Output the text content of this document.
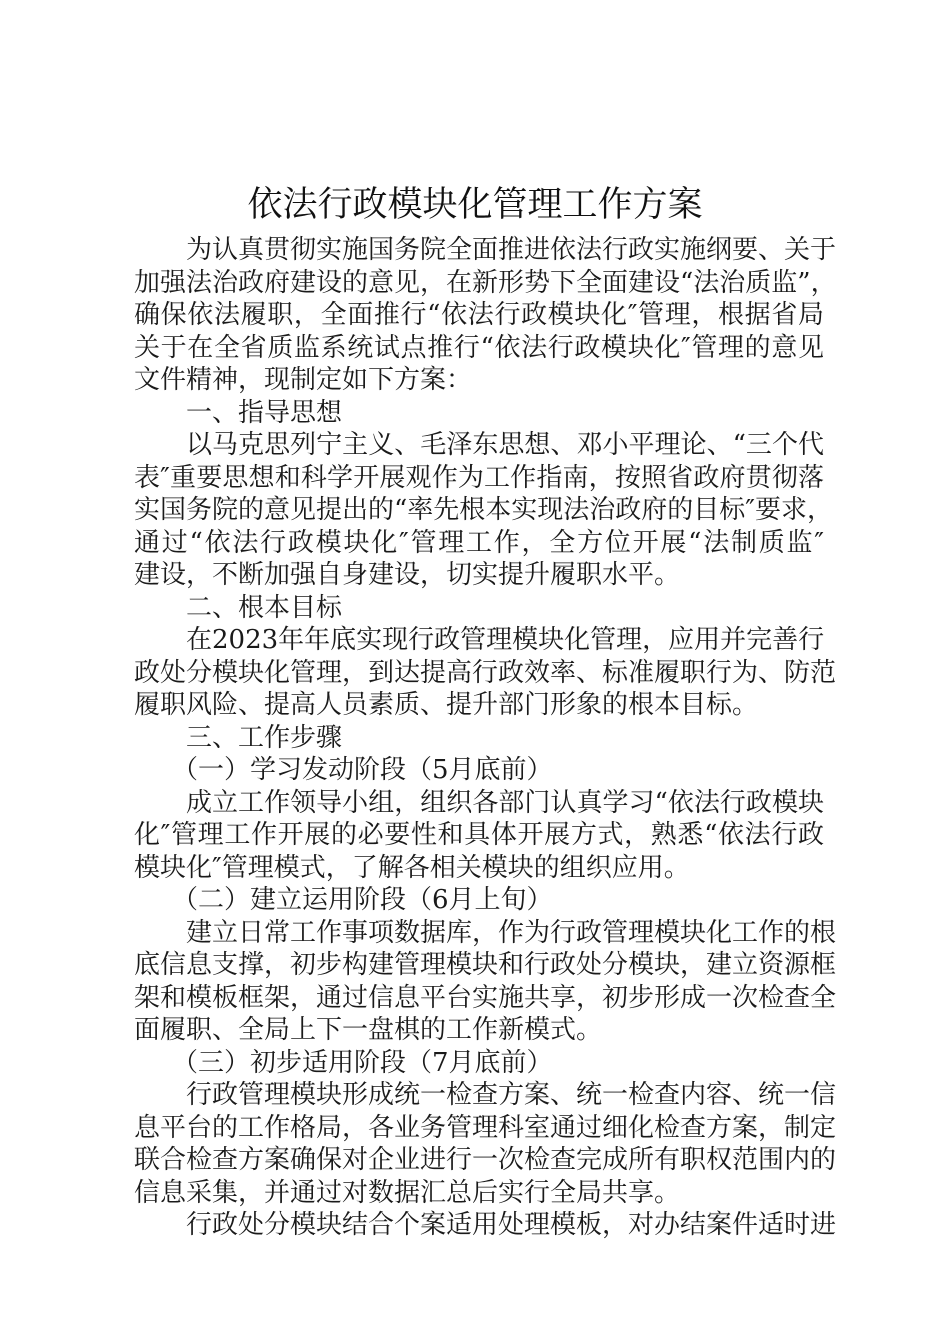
依法行政模块化管理工作方案
为认真贯彻实施国务院全面推进依法行政实施纲要、关于
加强法治政府建设的意见，在新形势下全面建设“法治质监”，
确保依法履职，全面推行“依法行政模块化″管理，根据省局
关于在全省质监系统试点推行“依法行政模块化″管理的意见
文件精神，现制定如下方案：
一、指导思想
以马克思列宁主义、毛泽东思想、邓小平理论、“三个代
表″重要思想和科学开展观作为工作指南，按照省政府贯彻落
实国务院的意见提出的“率先根本实现法治政府的目标″要求，
通过“依法行政模块化″管理工作，全方位开展“法制质监″
建设，不断加强自身建设，切实提升履职水平。
二、根本目标
在2023年年底实现行政管理模块化管理，应用并完善行
政处分模块化管理，到达提高行政效率、标准履职行为、防范
履职风险、提高人员素质、提升部门形象的根本目标。
三、工作步骤
（一）学习发动阶段（5月底前）
成立工作领导小组，组织各部门认真学习“依法行政模块
化″管理工作开展的必要性和具体开展方式，熟悉“依法行政
模块化″管理模式，了解各相关模块的组织应用。
（二）建立运用阶段（6月上旬）
建立日常工作事项数据库，作为行政管理模块化工作的根
底信息支撑，初步构建管理模块和行政处分模块，建立资源框
架和模板框架，通过信息平台实施共享，初步形成一次检查全
面履职、全局上下一盘棋的工作新模式。
（三）初步适用阶段（7月底前）
行政管理模块形成统一检查方案、统一检查内容、统一信
息平台的工作格局，各业务管理科室通过细化检查方案，制定
联合检查方案确保对企业进行一次检查完成所有职权范围内的
信息采集，并通过对数据汇总后实行全局共享。
行政处分模块结合个案适用处理模板，对办结案件适时进
